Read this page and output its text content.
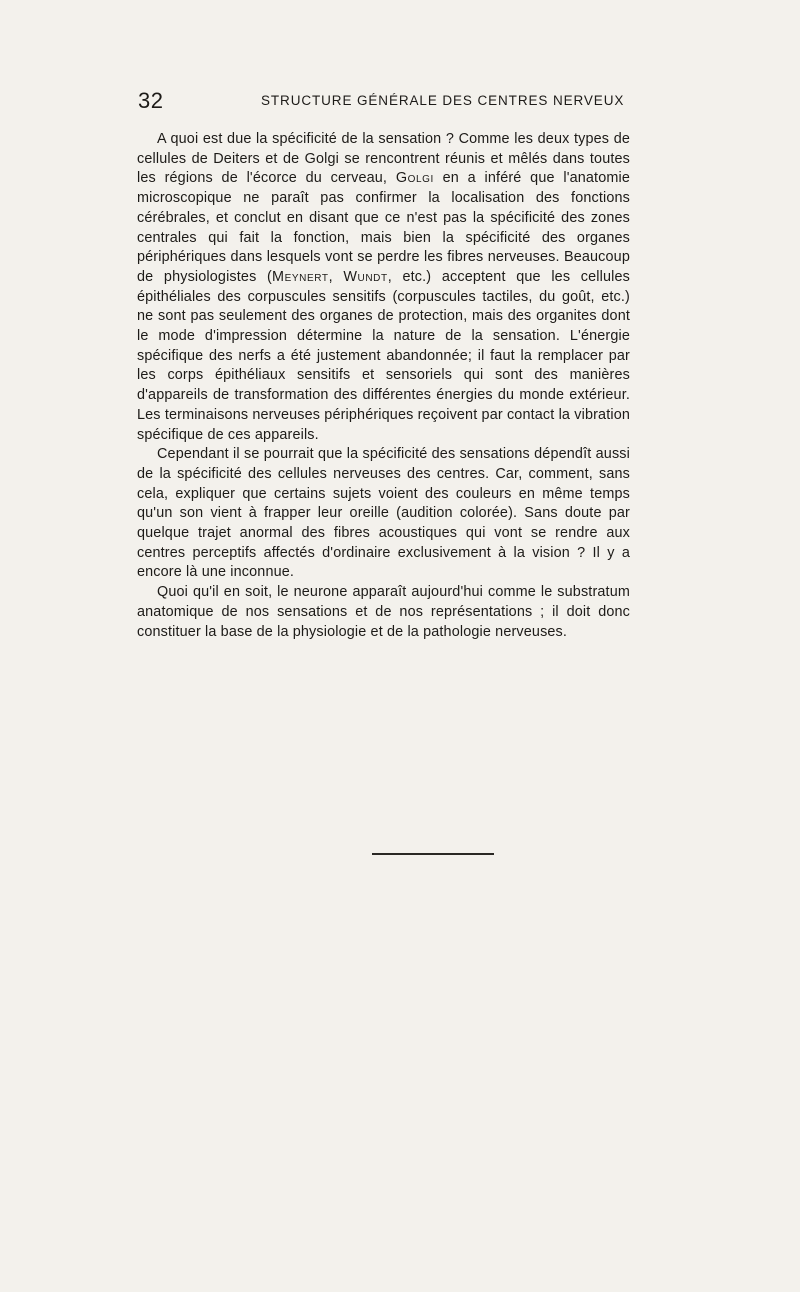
32	STRUCTURE GÉNÉRALE DES CENTRES NERVEUX

A quoi est due la spécificité de la sensation ? Comme les deux types de cellules de Deiters et de Golgi se rencontrent réunis et mêlés dans toutes les régions de l'écorce du cerveau, Golgi en a inféré que l'anatomie microscopique ne paraît pas confirmer la localisation des fonctions cérébrales, et conclut en disant que ce n'est pas la spécificité des zones centrales qui fait la fonction, mais bien la spécificité des organes périphériques dans lesquels vont se perdre les fibres nerveuses. Beaucoup de physiologistes (Meynert, Wundt, etc.) acceptent que les cellules épithéliales des corpuscules sensitifs (corpuscules tactiles, du goût, etc.) ne sont pas seulement des organes de protection, mais des organites dont le mode d'impression détermine la nature de la sensation. L'énergie spécifique des nerfs a été justement abandonnée; il faut la remplacer par les corps épithéliaux sensitifs et sensoriels qui sont des manières d'appareils de transformation des différentes énergies du monde extérieur. Les terminaisons nerveuses périphériques reçoivent par contact la vibration spécifique de ces appareils.

Cependant il se pourrait que la spécificité des sensations dépendît aussi de la spécificité des cellules nerveuses des centres. Car, comment, sans cela, expliquer que certains sujets voient des couleurs en même temps qu'un son vient à frapper leur oreille (audition colorée). Sans doute par quelque trajet anormal des fibres acoustiques qui vont se rendre aux centres perceptifs affectés d'ordinaire exclusivement à la vision ? Il y a encore là une inconnue.

Quoi qu'il en soit, le neurone apparaît aujourd'hui comme le substratum anatomique de nos sensations et de nos représentations ; il doit donc constituer la base de la physiologie et de la pathologie nerveuses.
